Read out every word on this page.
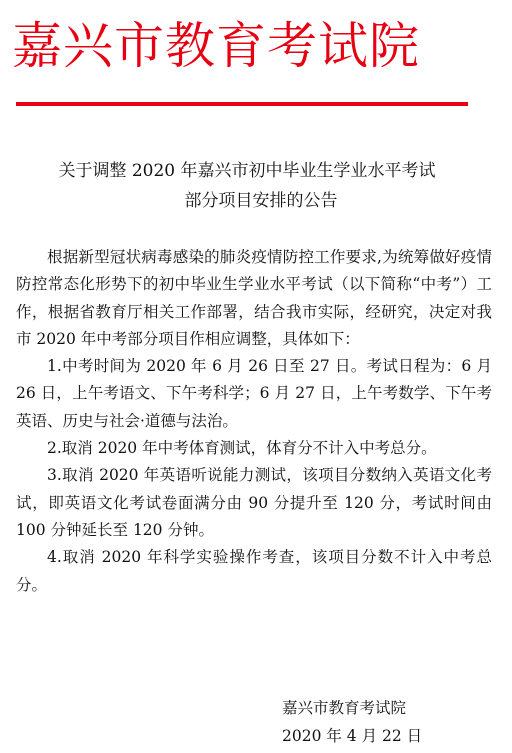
嘉兴市教育考试院
关于调整 2020 年嘉兴市初中毕业生学业水平考试
部分项目安排的公告

根据新型冠状病毒感染的肺炎疫情防控工作要求,为统筹做好疫情防控常态化形势下的初中毕业生学业水平考试（以下简称“中考”）工作，根据省教育厅相关工作部署，结合我市实际，经研究，决定对我市 2020 年中考部分项目作相应调整，具体如下：

1.中考时间为 2020 年 6 月 26 日至 27 日。考试日程为：6 月 26 日，上午考语文、下午考科学；6 月 27 日，上午考数学、下午考英语、历史与社会·道德与法治。

2.取消 2020 年中考体育测试，体育分不计入中考总分。

3.取消 2020 年英语听说能力测试，该项目分数纳入英语文化考试，即英语文化考试卷面满分由 90 分提升至 120 分，考试时间由 100 分钟延长至 120 分钟。

4.取消 2020 年科学实验操作考查，该项目分数不计入中考总分。

嘉兴市教育考试院
2020 年 4 月 22 日
